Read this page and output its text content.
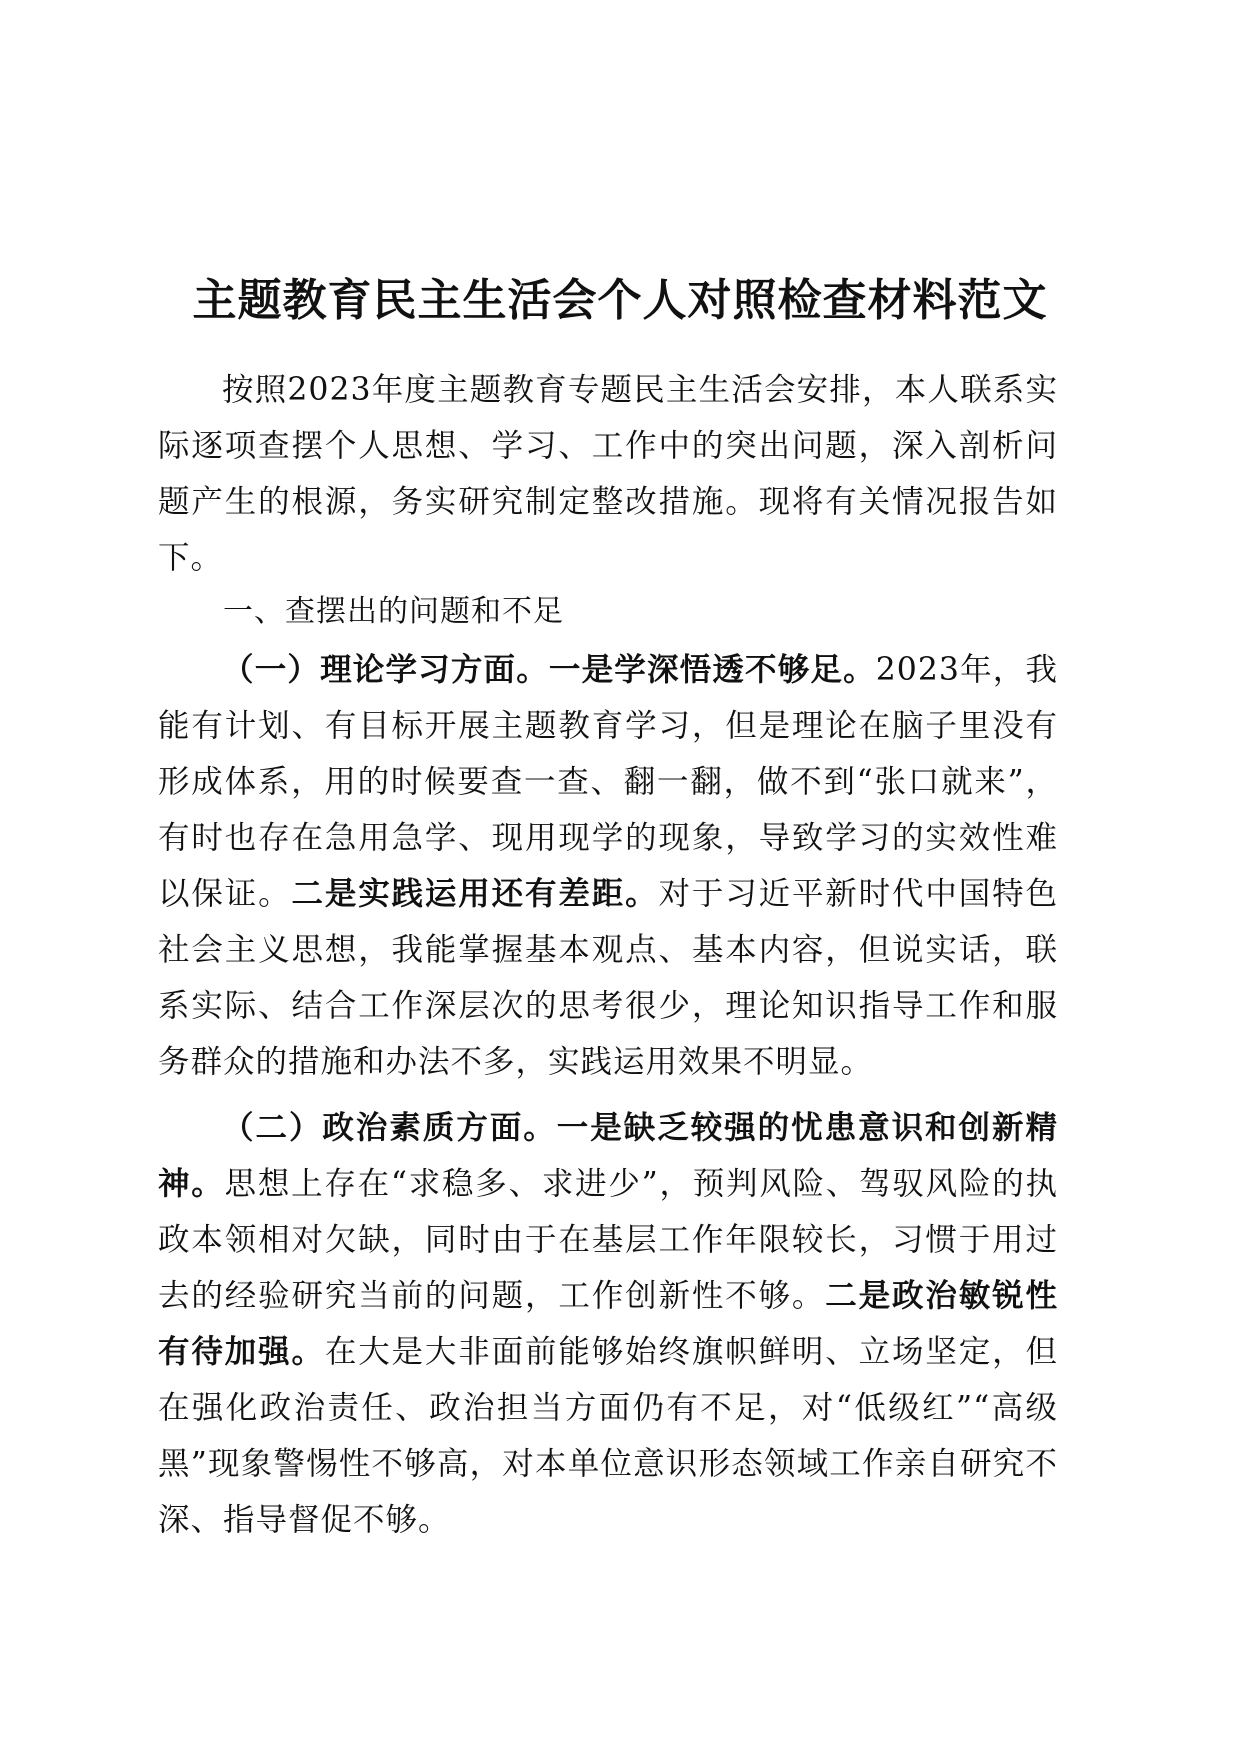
主题教育民主生活会个人对照检查材料范文
按照2023年度主题教育专题民主生活会安排，本人联系实际逐项查摆个人思想、学习、工作中的突出问题，深入剖析问题产生的根源，务实研究制定整改措施。现将有关情况报告如下。
一、查摆出的问题和不足
（一）理论学习方面。一是学深悟透不够足。2023年，我能有计划、有目标开展主题教育学习，但是理论在脑子里没有形成体系，用的时候要查一查、翻一翻，做不到“张口就来”，有时也存在急用急学、现用现学的现象，导致学习的实效性难以保证。二是实践运用还有差距。对于习近平新时代中国特色社会主义思想，我能掌握基本观点、基本内容，但说实话，联系实际、结合工作深层次的思考很少，理论知识指导工作和服务群众的措施和办法不多，实践运用效果不明显。
（二）政治素质方面。一是缺乏较强的忧患意识和创新精神。思想上存在“求稳多、求进少”，预判风险、驾驭风险的执政本领相对欠缺，同时由于在基层工作年限较长，习惯于用过去的经验研究当前的问题，工作创新性不够。二是政治敏锐性有待加强。在大是大非面前能够始终旗帜鲜明、立场坚定，但在强化政治责任、政治担当方面仍有不足，对“低级红”“高级黑”现象警惕性不够高，对本单位意识形态领域工作亲自研究不深、指导督促不够。
